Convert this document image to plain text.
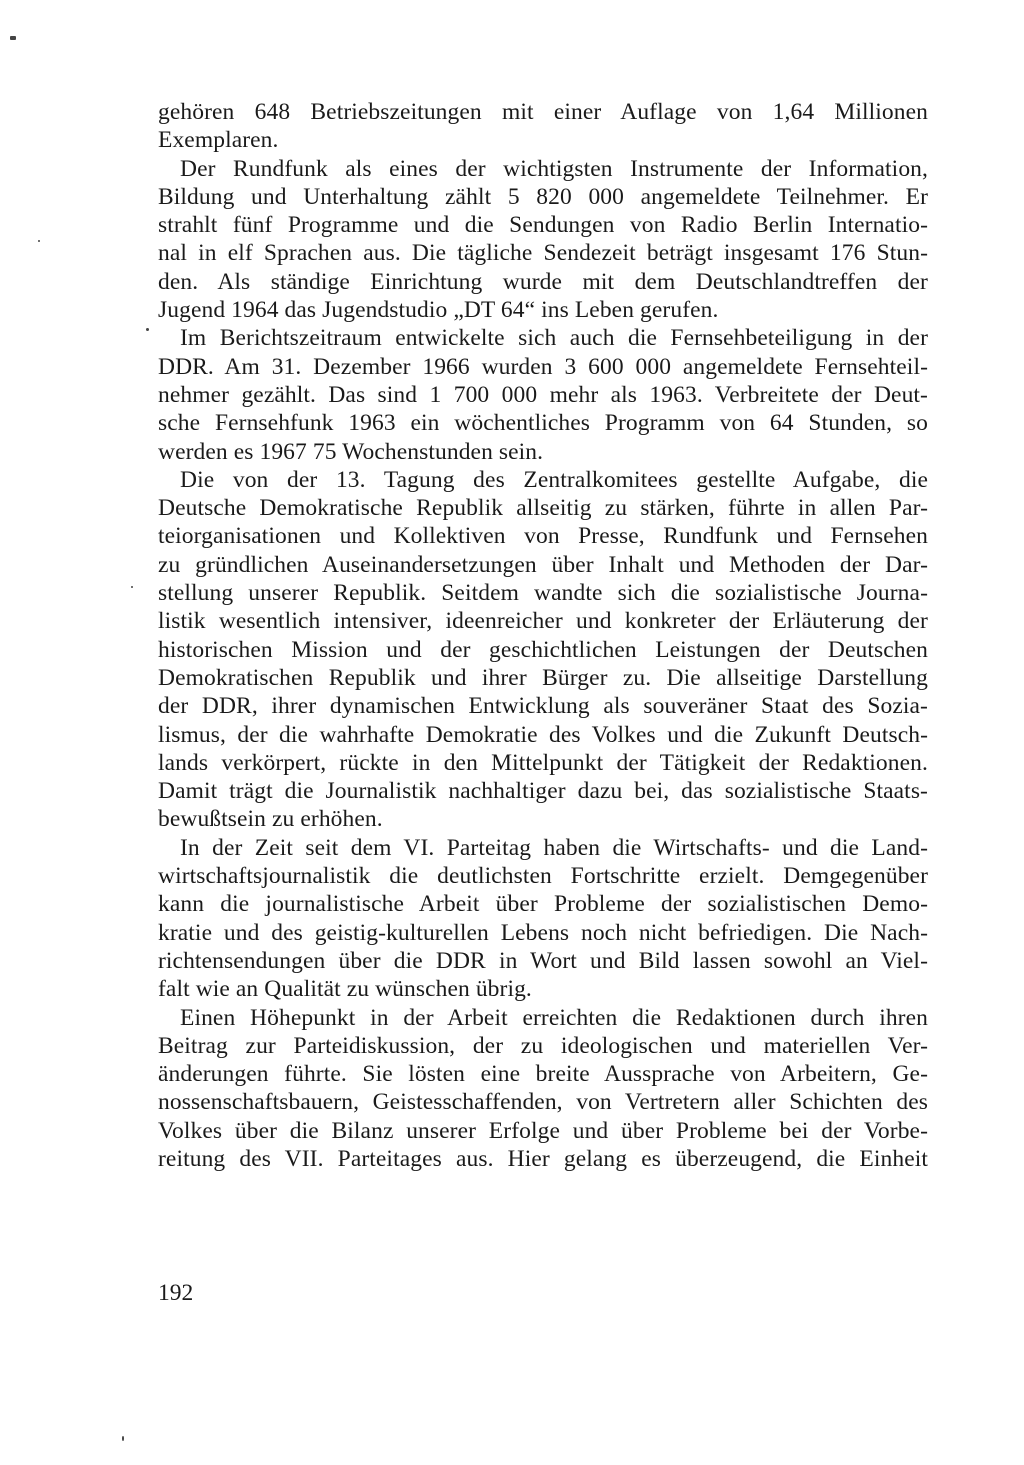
gehören 648 Betriebszeitungen mit einer Auflage von 1,64 Millionen
Exemplaren.
Der Rundfunk als eines der wichtigsten Instrumente der Information,
Bildung und Unterhaltung zählt 5 820 000 angemeldete Teilnehmer. Er
strahlt fünf Programme und die Sendungen von Radio Berlin Internatio-
nal in elf Sprachen aus. Die tägliche Sendezeit beträgt insgesamt 176 Stun-
den. Als ständige Einrichtung wurde mit dem Deutschlandtreffen der
Jugend 1964 das Jugendstudio „DT 64“ ins Leben gerufen.
Im Berichtszeitraum entwickelte sich auch die Fernsehbeteiligung in der
DDR. Am 31. Dezember 1966 wurden 3 600 000 angemeldete Fernsehteil-
nehmer gezählt. Das sind 1 700 000 mehr als 1963. Verbreitete der Deut-
sche Fernsehfunk 1963 ein wöchentliches Programm von 64 Stunden, so
werden es 1967 75 Wochenstunden sein.
Die von der 13. Tagung des Zentralkomitees gestellte Aufgabe, die
Deutsche Demokratische Republik allseitig zu stärken, führte in allen Par-
teiorganisationen und Kollektiven von Presse, Rundfunk und Fernsehen
zu gründlichen Auseinandersetzungen über Inhalt und Methoden der Dar-
stellung unserer Republik. Seitdem wandte sich die sozialistische Journa-
listik wesentlich intensiver, ideenreicher und konkreter der Erläuterung der
historischen Mission und der geschichtlichen Leistungen der Deutschen
Demokratischen Republik und ihrer Bürger zu. Die allseitige Darstellung
der DDR, ihrer dynamischen Entwicklung als souveräner Staat des Sozia-
lismus, der die wahrhafte Demokratie des Volkes und die Zukunft Deutsch-
lands verkörpert, rückte in den Mittelpunkt der Tätigkeit der Redaktionen.
Damit trägt die Journalistik nachhaltiger dazu bei, das sozialistische Staats-
bewußtsein zu erhöhen.
In der Zeit seit dem VI. Parteitag haben die Wirtschafts- und die Land-
wirtschaftsjournalistik die deutlichsten Fortschritte erzielt. Demgegenüber
kann die journalistische Arbeit über Probleme der sozialistischen Demo-
kratie und des geistig-kulturellen Lebens noch nicht befriedigen. Die Nach-
richtensendungen über die DDR in Wort und Bild lassen sowohl an Viel-
falt wie an Qualität zu wünschen übrig.
Einen Höhepunkt in der Arbeit erreichten die Redaktionen durch ihren
Beitrag zur Parteidiskussion, der zu ideologischen und materiellen Ver-
änderungen führte. Sie lösten eine breite Aussprache von Arbeitern, Ge-
nossenschaftsbauern, Geistesschaffenden, von Vertretern aller Schichten des
Volkes über die Bilanz unserer Erfolge und über Probleme bei der Vorbe-
reitung des VII. Parteitages aus. Hier gelang es überzeugend, die Einheit
192
